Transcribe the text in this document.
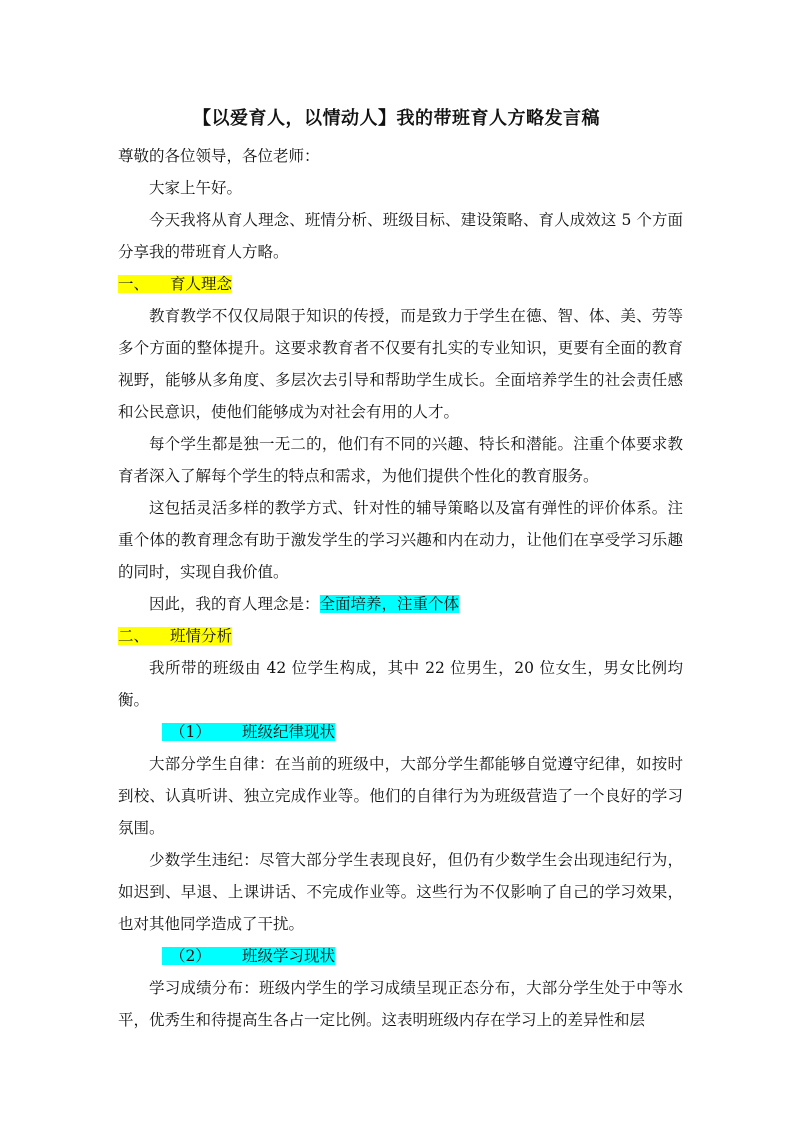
【以爱育人，以情动人】我的带班育人方略发言稿

尊敬的各位领导，各位老师：

大家上午好。

今天我将从育人理念、班情分析、班级目标、建设策略、育人成效这 5 个方面分享我的带班育人方略。

一、 育人理念

教育教学不仅仅局限于知识的传授，而是致力于学生在德、智、体、美、劳等多个方面的整体提升。这要求教育者不仅要有扎实的专业知识，更要有全面的教育视野，能够从多角度、多层次去引导和帮助学生成长。全面培养学生的社会责任感和公民意识，使他们能够成为对社会有用的人才。

每个学生都是独一无二的，他们有不同的兴趣、特长和潜能。注重个体要求教育者深入了解每个学生的特点和需求，为他们提供个性化的教育服务。

这包括灵活多样的教学方式、针对性的辅导策略以及富有弹性的评价体系。注重个体的教育理念有助于激发学生的学习兴趣和内在动力，让他们在享受学习乐趣的同时，实现自我价值。

因此，我的育人理念是：全面培养，注重个体

二、 班情分析

我所带的班级由 42 位学生构成，其中 22 位男生，20 位女生，男女比例均衡。

（1） 班级纪律现状

大部分学生自律：在当前的班级中，大部分学生都能够自觉遵守纪律，如按时到校、认真听讲、独立完成作业等。他们的自律行为为班级营造了一个良好的学习氛围。

少数学生违纪：尽管大部分学生表现良好，但仍有少数学生会出现违纪行为，如迟到、早退、上课讲话、不完成作业等。这些行为不仅影响了自己的学习效果，也对其他同学造成了干扰。

（2） 班级学习现状

学习成绩分布：班级内学生的学习成绩呈现正态分布，大部分学生处于中等水平，优秀生和待提高生各占一定比例。这表明班级内存在学习上的差异性和层
